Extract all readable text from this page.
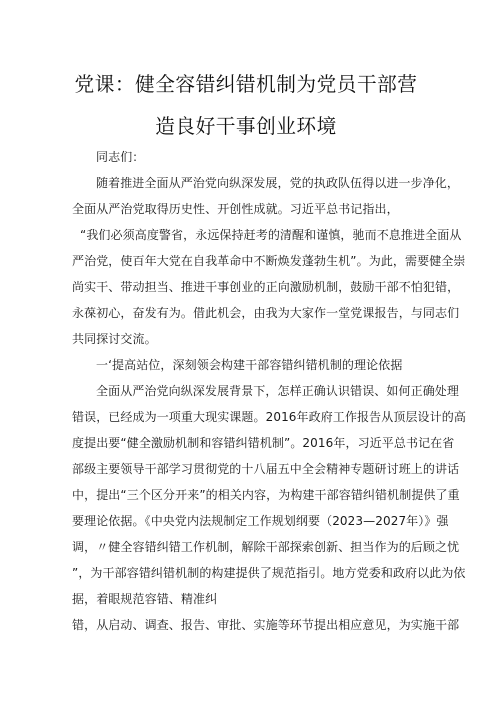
党课：健全容错纠错机制为党员干部营
造良好干事创业环境
同志们：
随着推进全面从严治党向纵深发展，党的执政队伍得以进一步净化，
全面从严治党取得历史性、开创性成就。习近平总书记指出，
“我们必须高度警省，永远保持赶考的清醒和谨慎，驰而不息推进全面从
严治党，使百年大党在自我革命中不断焕发蓬勃生机”。为此，需要健全崇
尚实干、带动担当、推进干事创业的正向激励机制，鼓励干部不怕犯错，
永葆初心，奋发有为。借此机会，由我为大家作一堂党课报告，与同志们
共同探讨交流。
一‘提高站位，深刻领会构建干部容错纠错机制的理论依据
全面从严治党向纵深发展背景下，怎样正确认识错误、如何正确处理
错误，已经成为一项重大现实课题。2016年政府工作报告从顶层设计的高
度提出要“健全激励机制和容错纠错机制”。2016年，习近平总书记在省
部级主要领导干部学习贯彻党的十八届五中全会精神专题研讨班上的讲话
中，提出“三个区分开来”的相关内容，为构建干部容错纠错机制提供了重
要理论依据。《中央党内法规制定工作规划纲要（2023—2027年）》强
调，〃健全容错纠错工作机制，解除干部探索创新、担当作为的后顾之忧
”，为干部容错纠错机制的构建提供了规范指引。地方党委和政府以此为依
据，着眼规范容错、精准纠
错，从启动、调查、报告、审批、实施等环节提出相应意见，为实施干部
